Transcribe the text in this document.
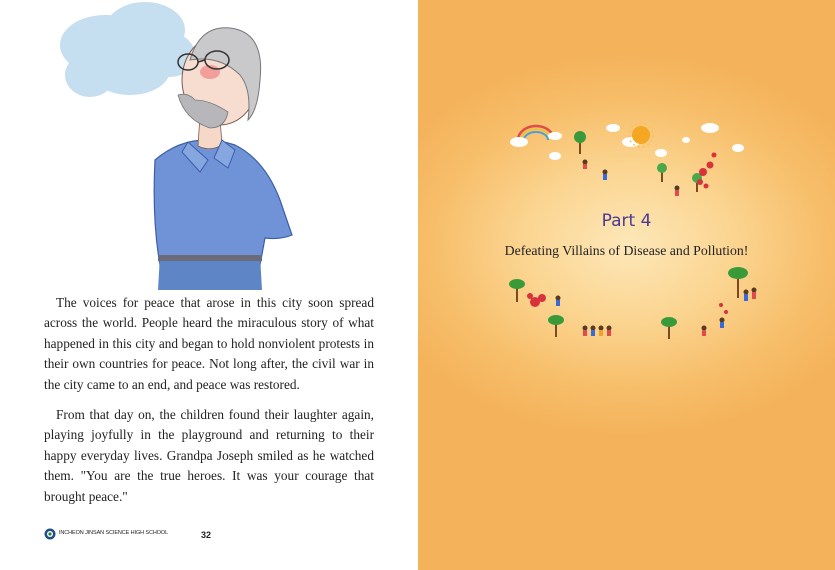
The voices for peace that arose in this city soon spread across the world. People heard the miraculous story of what happened in this city and began to hold nonviolent protests in their own countries for peace. Not long after, the civil war in the city came to an end, and peace was restored.

From that day on, the children found their laughter again, playing joyfully in the playground and returning to their happy everyday lives. Grandpa Joseph smiled as he watched them. "You are the true heroes. It was your courage that brought peace."

INCHEON JINSAN SCIENCE HIGH SCHOOL	32
Part 4
Defeating Villains of Disease and Pollution!
